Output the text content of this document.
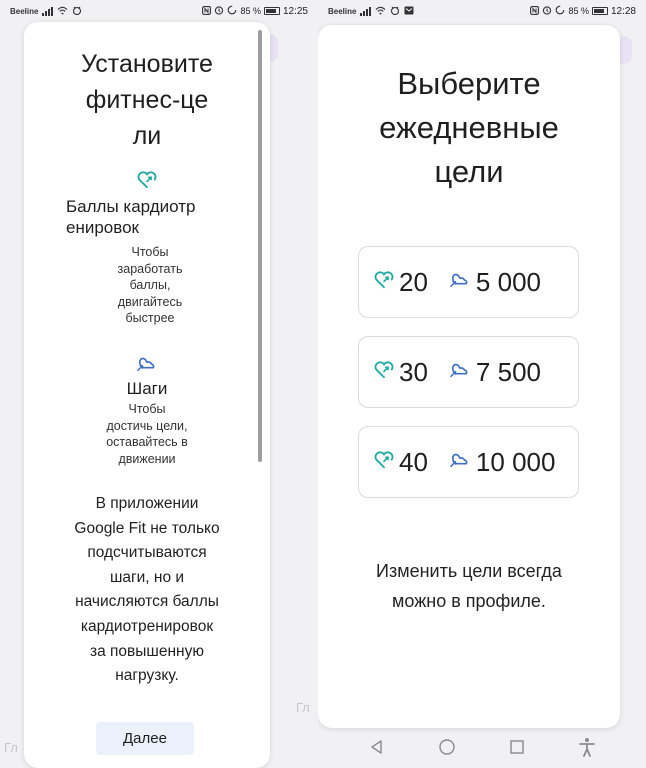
Beeline	85 % 12:25
Гл
Гл
Установите
фитнес-це
ли
Баллы кардиотр
енировок
Чтобы
заработать
баллы,
двигайтесь
быстрее
Шаги
Чтобы
достичь цели,
оставайтесь в
движении
В приложении
Google Fit не только
подсчитываются
шаги, но и
начисляются баллы
кардиотренировок
за повышенную
нагрузку.
Далее
Beeline	85 % 12:28
Выберите
ежедневные
цели
20 5 000
30 7 500
40 10 000
Изменить цели всегда
можно в профиле.
